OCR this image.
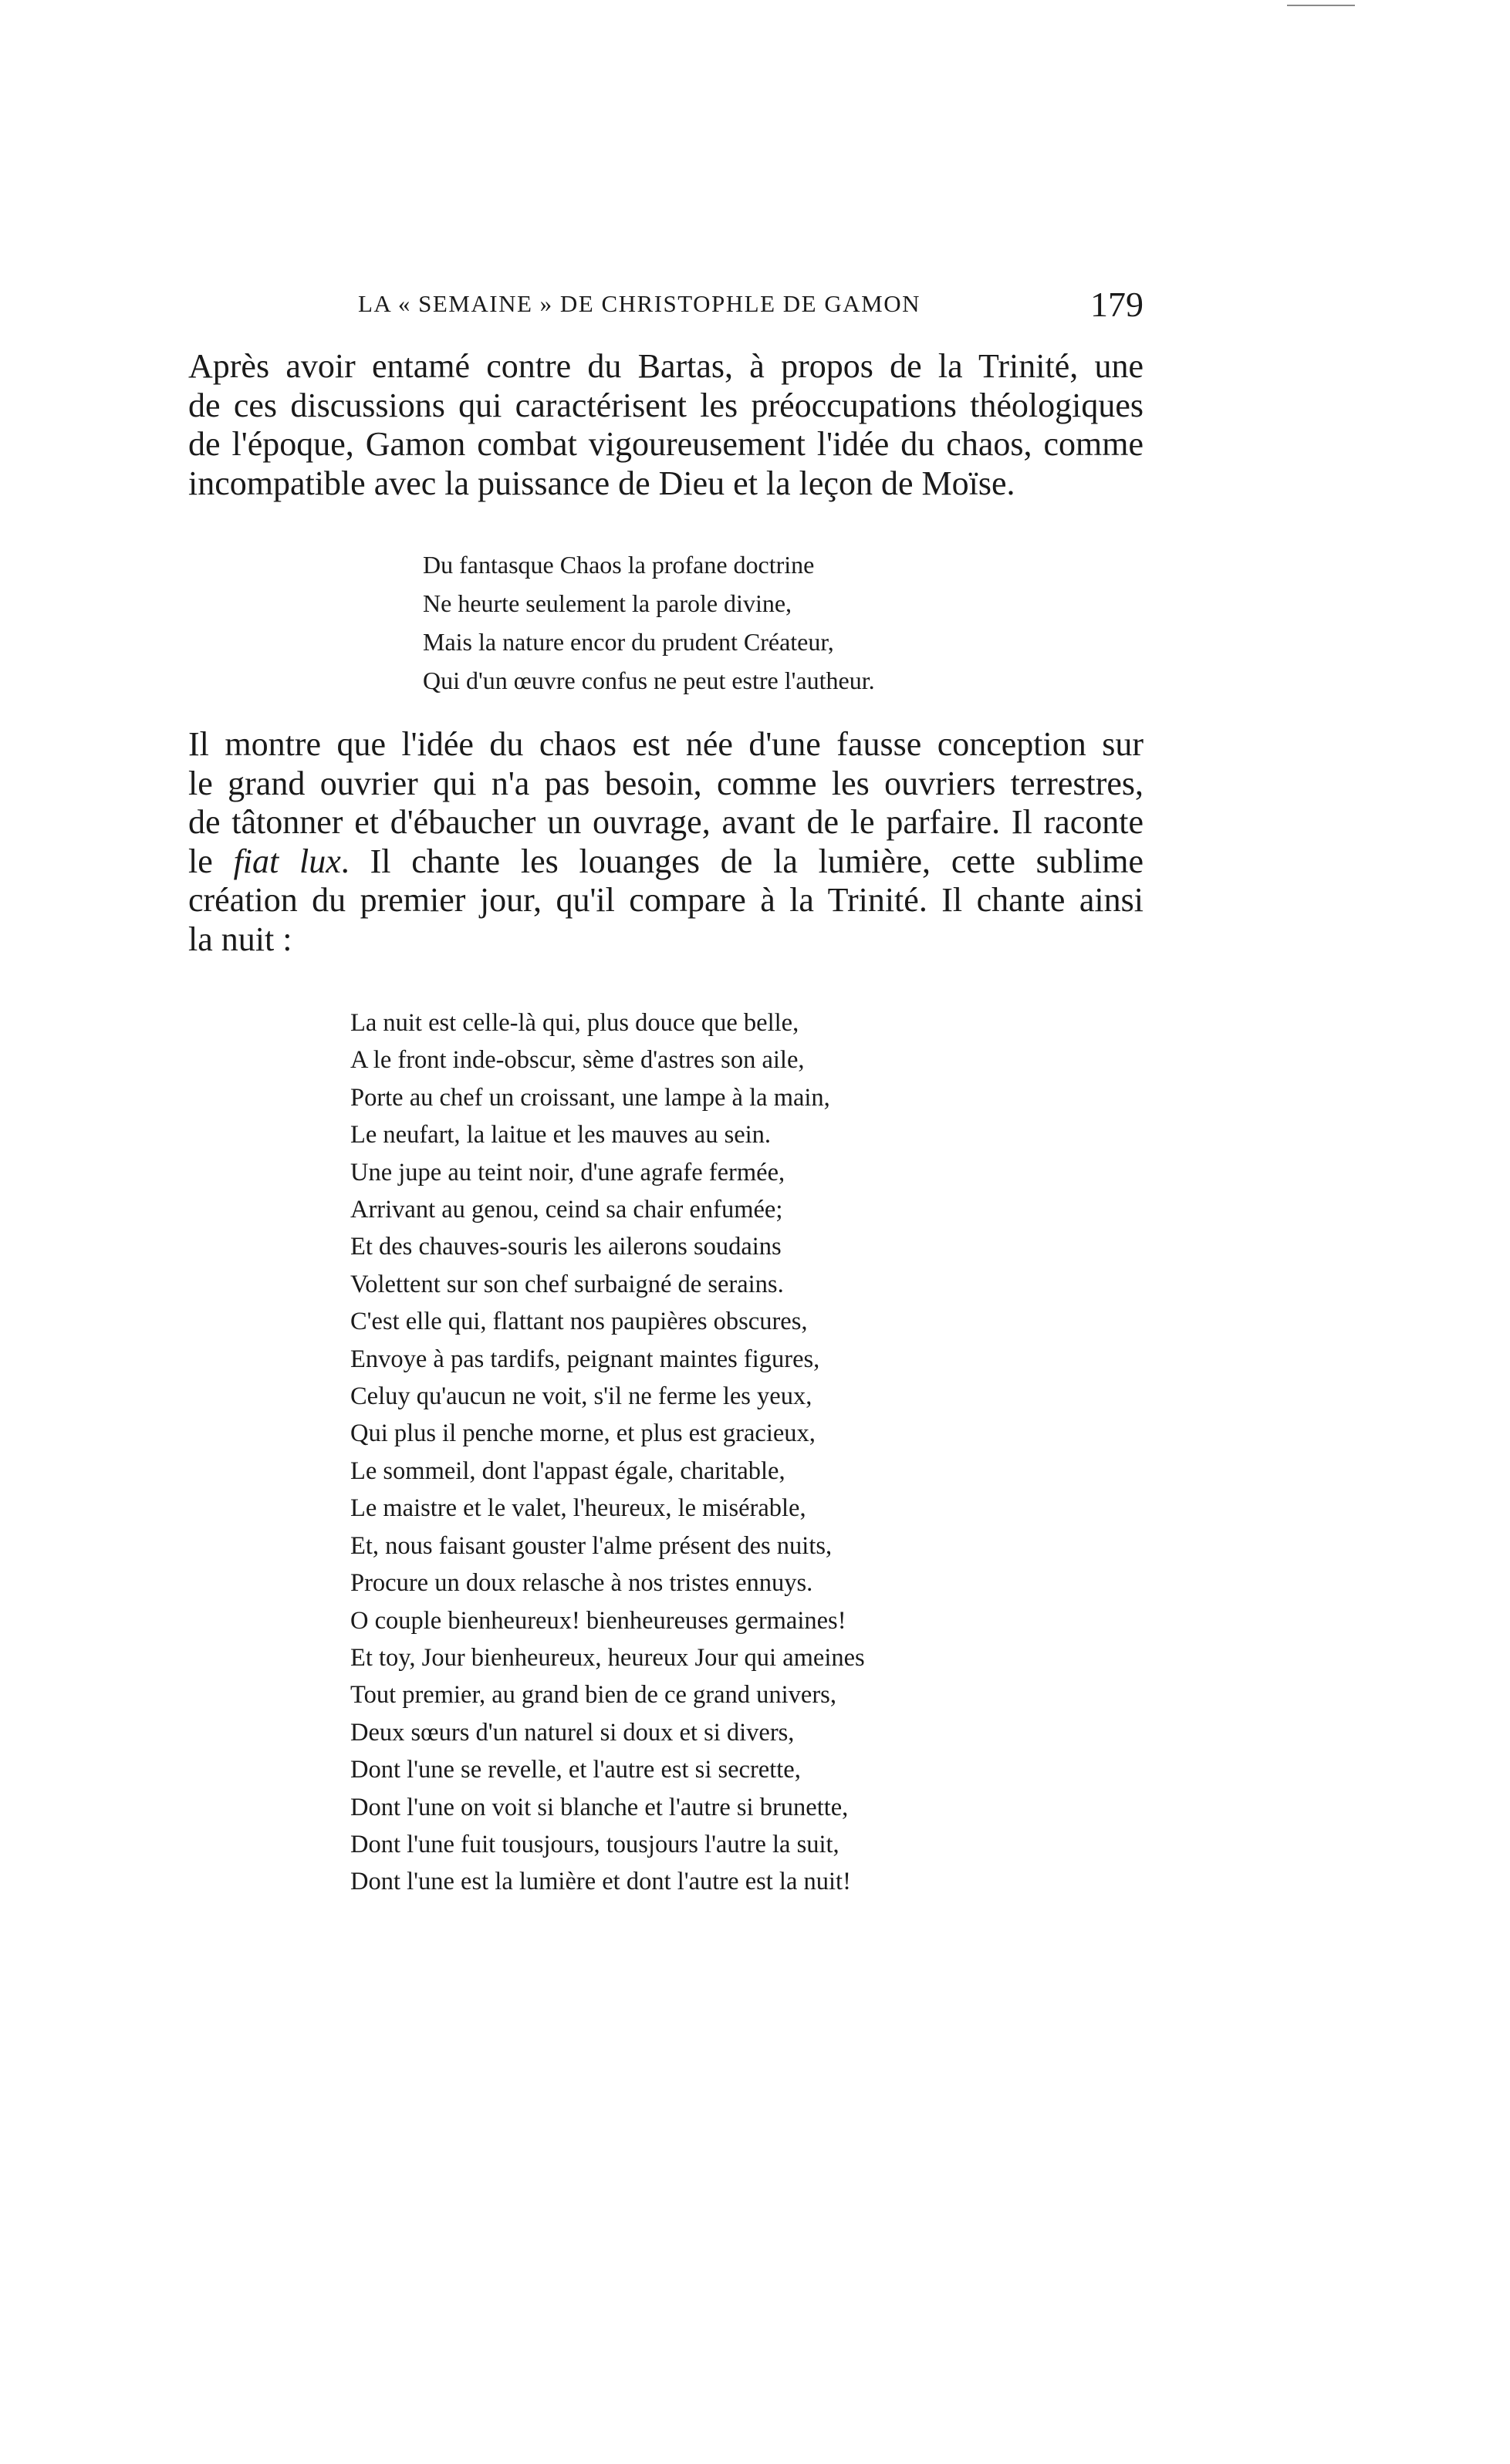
LA « SEMAINE » DE CHRISTOPHLE DE GAMON	179
Après avoir entamé contre du Bartas, à propos de la Trinité, une
de ces discussions qui caractérisent les préoccupations théologiques
de l'époque, Gamon combat vigoureusement l'idée du chaos, comme
incompatible avec la puissance de Dieu et la leçon de Moïse.
Du fantasque Chaos la profane doctrine
Ne heurte seulement la parole divine,
Mais la nature encor du prudent Créateur,
Qui d'un œuvre confus ne peut estre l'autheur.
Il montre que l'idée du chaos est née d'une fausse conception sur
le grand ouvrier qui n'a pas besoin, comme les ouvriers terrestres,
de tâtonner et d'ébaucher un ouvrage, avant de le parfaire. Il raconte
le fiat lux. Il chante les louanges de la lumière, cette sublime
création du premier jour, qu'il compare à la Trinité. Il chante ainsi
la nuit :
La nuit est celle-là qui, plus douce que belle,
A le front inde-obscur, sème d'astres son aile,
Porte au chef un croissant, une lampe à la main,
Le neufart, la laitue et les mauves au sein.
Une jupe au teint noir, d'une agrafe fermée,
Arrivant au genou, ceind sa chair enfumée;
Et des chauves-souris les ailerons soudains
Volettent sur son chef surbaigné de serains.
C'est elle qui, flattant nos paupières obscures,
Envoye à pas tardifs, peignant maintes figures,
Celuy qu'aucun ne voit, s'il ne ferme les yeux,
Qui plus il penche morne, et plus est gracieux,
Le sommeil, dont l'appast égale, charitable,
Le maistre et le valet, l'heureux, le misérable,
Et, nous faisant gouster l'alme présent des nuits,
Procure un doux relasche à nos tristes ennuys.
O couple bienheureux! bienheureuses germaines!
Et toy, Jour bienheureux, heureux Jour qui ameines
Tout premier, au grand bien de ce grand univers,
Deux sœurs d'un naturel si doux et si divers,
Dont l'une se revelle, et l'autre est si secrette,
Dont l'une on voit si blanche et l'autre si brunette,
Dont l'une fuit tousjours, tousjours l'autre la suit,
Dont l'une est la lumière et dont l'autre est la nuit!
